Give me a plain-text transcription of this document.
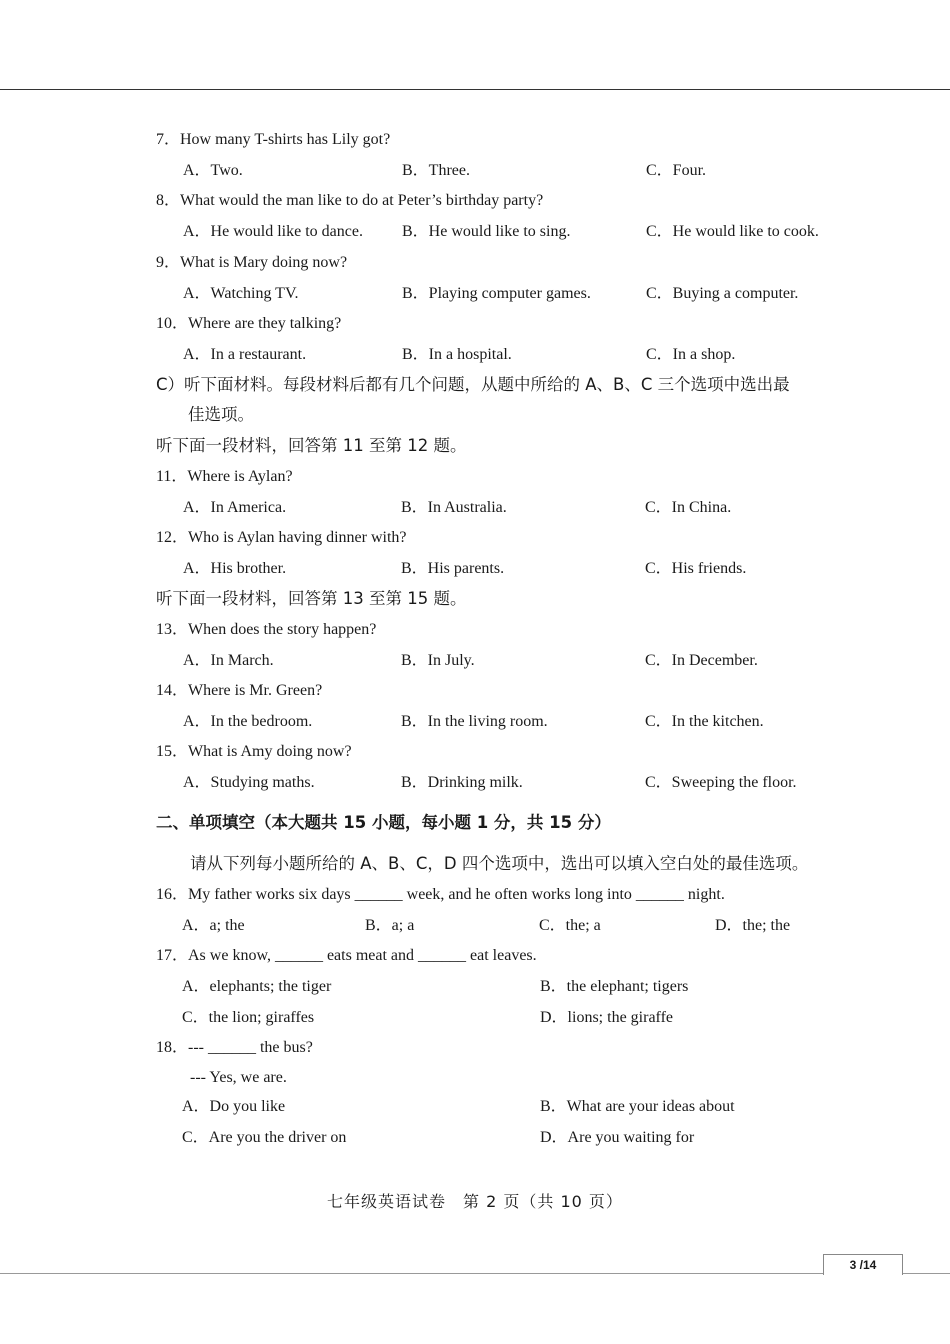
7．How many T-shirts has Lily got?
A．Two.	B．Three.	C．Four.
8．What would the man like to do at Peter’s birthday party?
A．He would like to dance. B．He would like to sing.	C．He would like to cook.
9．What is Mary doing now?
A．Watching TV.	B．Playing computer games.	C．Buying a computer.
10．Where are they talking?
A．In a restaurant.	B．In a hospital.	C．In a shop.
C）听下面材料。每段材料后都有几个问题，从题中所给的 A、B、C 三个选项中选出最
佳选项。
听下面一段材料，回答第 11 至第 12 题。
11．Where is Aylan?
A．In America.	B．In Australia.	C．In China.
12．Who is Aylan having dinner with?
A．His brother.	B．His parents.	C．His friends.
听下面一段材料，回答第 13 至第 15 题。
13．When does the story happen?
A．In March.	B．In July.	C．In December.
14．Where is Mr. Green?
A．In the bedroom.	B．In the living room.	C．In the kitchen.
15．What is Amy doing now?
A．Studying maths.	B．Drinking milk.	C．Sweeping the floor.
二、单项填空（本大题共 15 小题，每小题 1 分，共 15 分）
请从下列每小题所给的 A、B、C，D 四个选项中，选出可以填入空白处的最佳选项。
16．My father works six days ______ week, and he often works long into ______ night.
A．a; the	B．a; a	C．the; a	D．the; the
17．As we know, ______ eats meat and ______ eat leaves.
A．elephants; the tiger	B．the elephant; tigers
C．the lion; giraffes	D．lions; the giraffe
18．--- ______ the bus?
--- Yes, we are.
A．Do you like	B．What are your ideas about
C．Are you the driver on	D．Are you waiting for
七年级英语试卷　第 2 页（共 10 页）
3 /14
